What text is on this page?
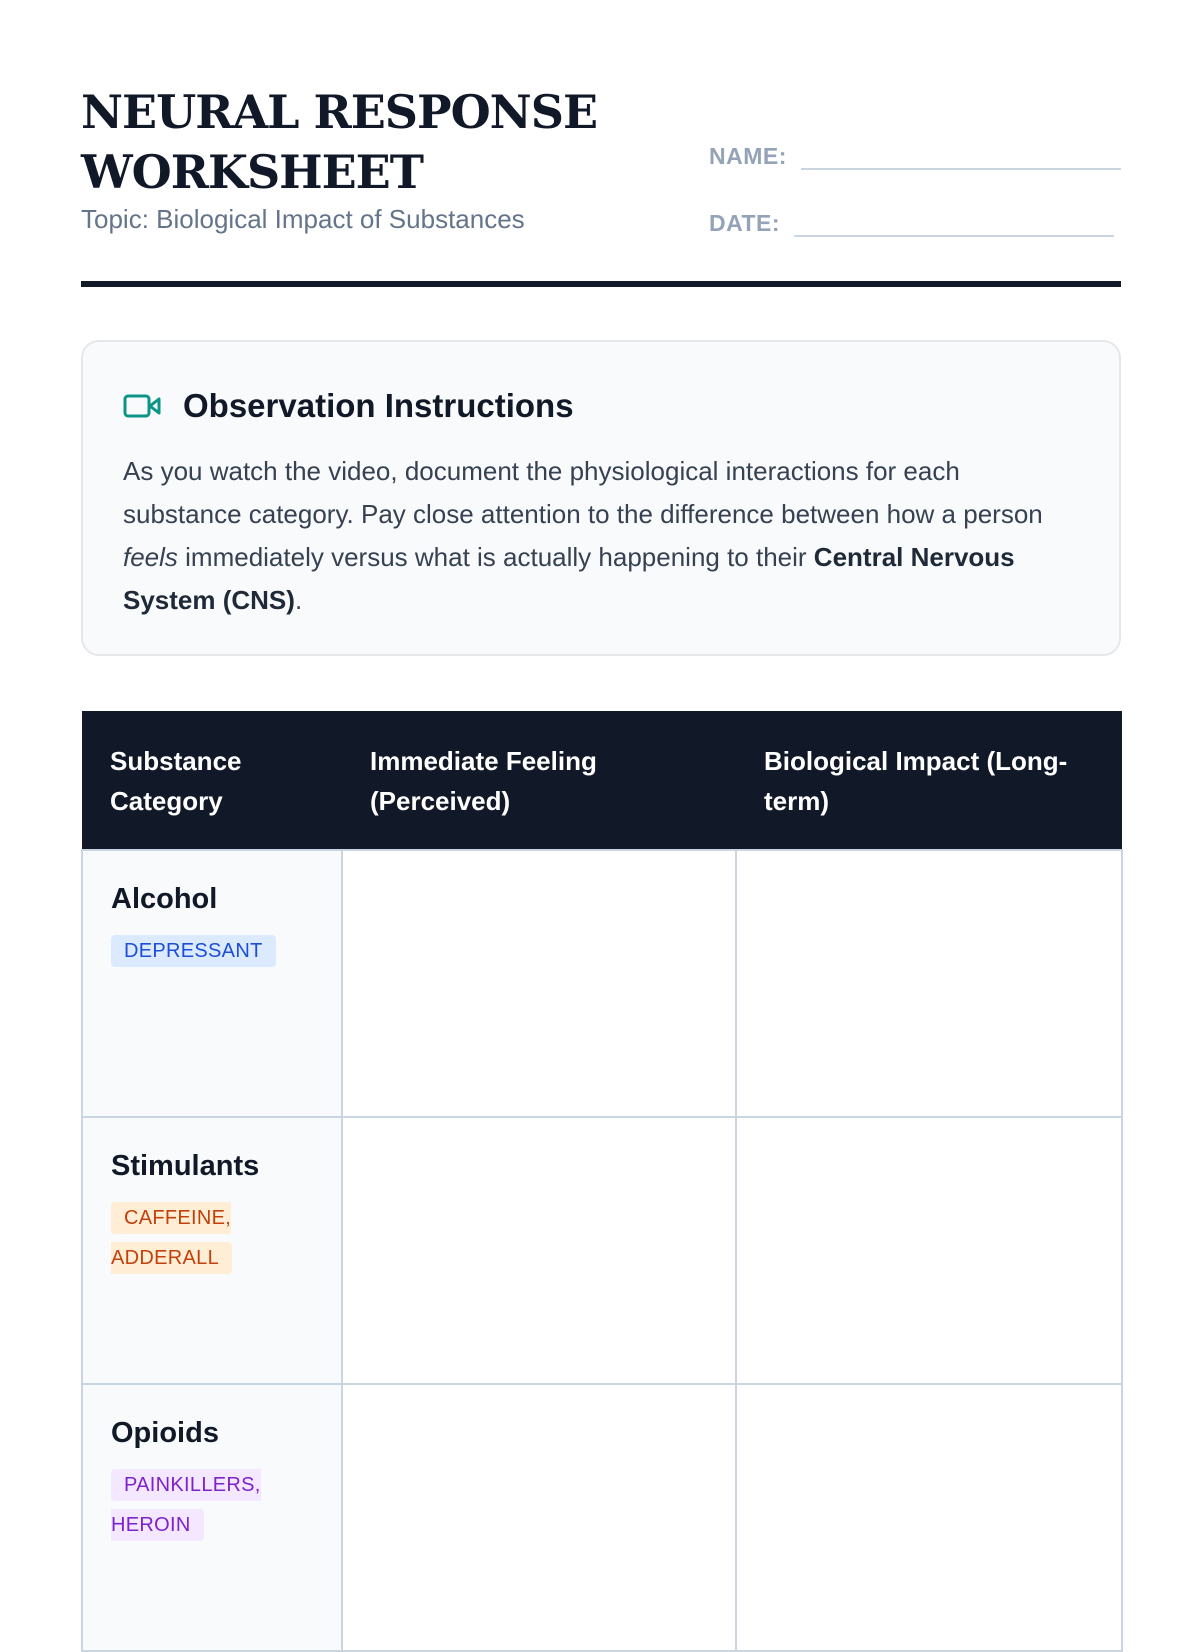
NEURAL RESPONSE WORKSHEET
Topic: Biological Impact of Substances
NAME:
DATE:
Observation Instructions
As you watch the video, document the physiological interactions for each substance category. Pay close attention to the difference between how a person feels immediately versus what is actually happening to their Central Nervous System (CNS).
Substance Category	Immediate Feeling (Perceived)	Biological Impact (Long-term)

Alcohol
DEPRESSANT		

Stimulants
CAFFEINE, ADDERALL		

Opioids
PAINKILLERS, HEROIN		
